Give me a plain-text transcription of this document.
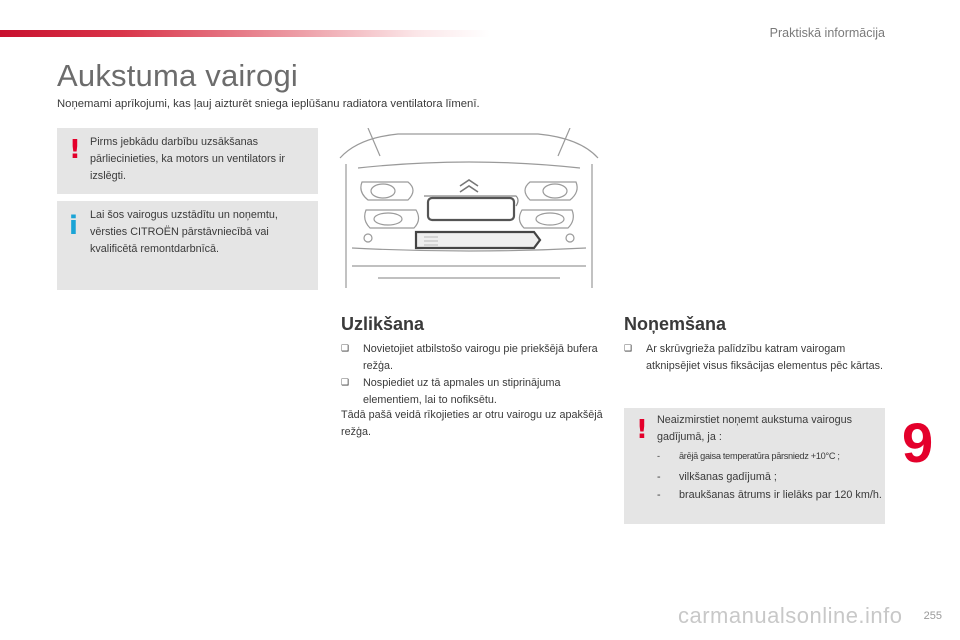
Praktiskā informācija
Aukstuma vairogi

Noņemami aprīkojumi, kas ļauj aizturēt sniega ieplūšanu radiatora ventilatora līmenī.

! Pirms jebkādu darbību uzsākšanas pārliecinieties, ka motors un ventilators ir izslēgti.
i Lai šos vairogus uzstādītu un noņemtu, vērsties CITROËN pārstāvniecībā vai kvalificētā remontdarbnīcā.
Uzlikšana
❑ Novietojiet atbilstošo vairogu pie priekšējā bufera režģa.
❑ Nospiediet uz tā apmales un stiprinājuma elementiem, lai to nofiksētu.

Tādā pašā veidā rīkojieties ar otru vairogu uz apakšējā režģa.

Noņemšana
❑ Ar skrūvgrieža palīdzību katram vairogam atknipsējiet visus fiksācijas elementus pēc kārtas.
! Neaizmirstiet noņemt aukstuma vairogus gadījumā, ja :
- ārējā gaisa temperatūra pārsniedz +10°C ;
- vilkšanas gadījumā ;
- braukšanas ātrums ir lielāks par 120 km/h.
9
255
carmanualsonline.info
